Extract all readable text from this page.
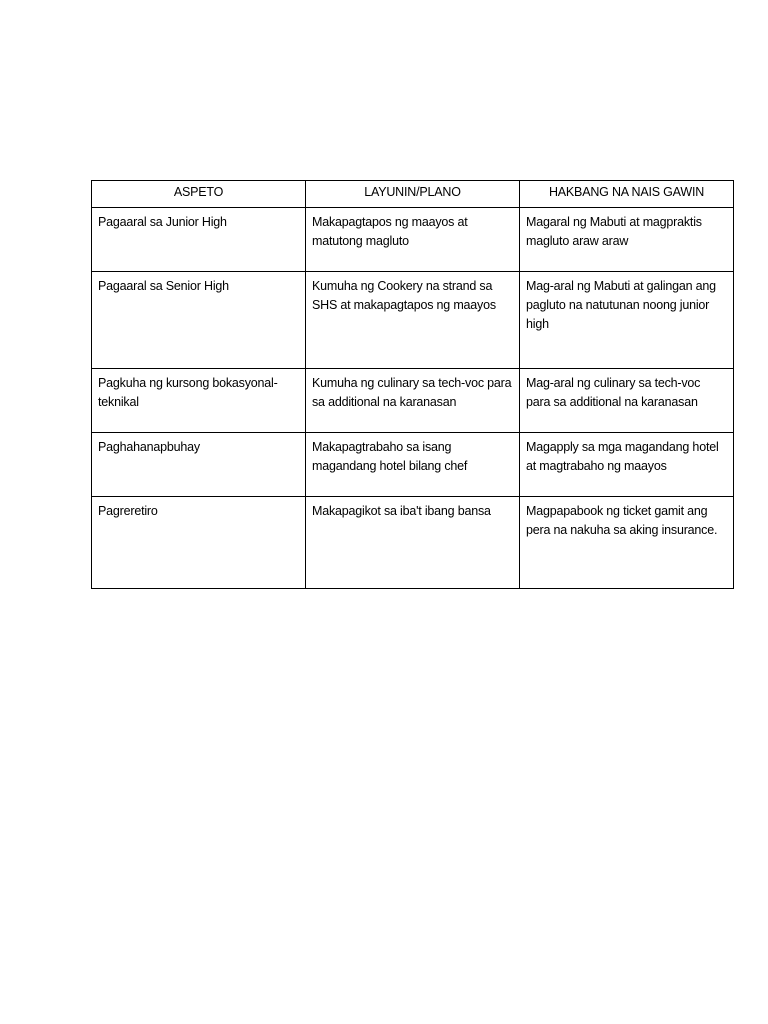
ASPETO	LAYUNIN/PLANO	HAKBANG NA NAIS GAWIN
Pagaaral sa Junior High	Makapagtapos ng maayos at matutong magluto	Magaral ng Mabuti at magpraktis magluto araw araw
Pagaaral sa Senior High	Kumuha ng Cookery na strand sa SHS at makapagtapos ng maayos	Mag-aral ng Mabuti at galingan ang pagluto na natutunan noong junior high
Pagkuha ng kursong bokasyonal-teknikal	Kumuha ng culinary sa tech-voc para sa additional na karanasan	Mag-aral ng culinary sa tech-voc para sa additional na karanasan
Paghahanapbuhay	Makapagtrabaho sa isang magandang hotel bilang chef	Magapply sa mga magandang hotel at magtrabaho ng maayos
Pagreretiro	Makapagikot sa iba't ibang bansa	Magpapabook ng ticket gamit ang pera na nakuha sa aking insurance.
